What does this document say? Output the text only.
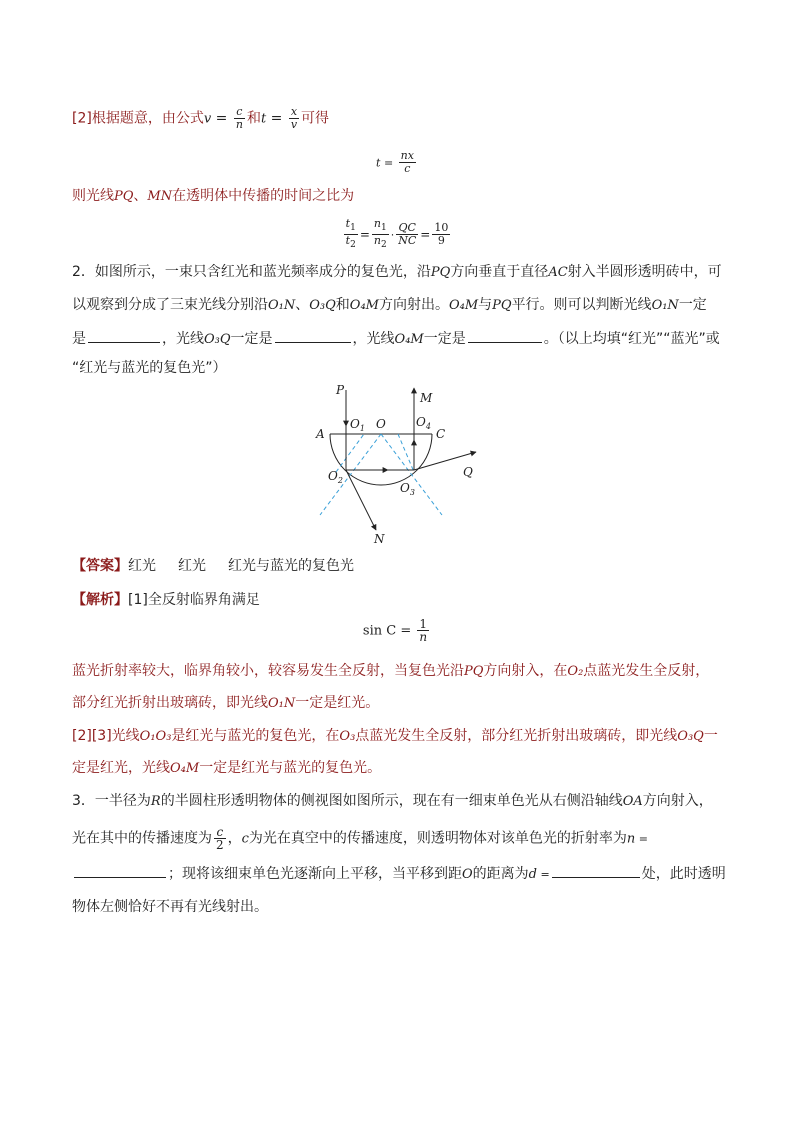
[2]根据题意，由公式$v = \frac{c}{n}$ 和$t = \frac{x}{v}$ 可得
$t = \frac{nx}{c}$
则光线PQ、MN在透明体中传播的时间之比为
$\frac{t_1}{t_2} = \frac{n_1}{n_2} \cdot \frac{QC}{NC} = \frac{10}{9}$
2．如图所示，一束只含红光和蓝光频率成分的复色光，沿PQ方向垂直于直径AC射入半圆形透明砖中，可
以观察到分成了三束光线分别沿O₁N、O₃Q和O₄M方向射出。O₄M与PQ平行。则可以判断光线O₁N一定
是	，光线O₃Q一定是	，光线O₄M一定是	。（以上均填“红光”“蓝光”或
“红光与蓝光的复色光”）
P
M
$O_1$ O	$O_4$
A	C
$O_2$
$O_3$
Q
N
【答案】红光 红光 红光与蓝光的复色光
【解析】[1]全反射临界角满足
$\sin C = \frac{1}{n}$
蓝光折射率较大，临界角较小，较容易发生全反射，当复色光沿PQ方向射入，在O₂点蓝光发生全反射，
部分红光折射出玻璃砖，即光线O₁N一定是红光。
[2][3]光线O₁O₃是红光与蓝光的复色光，在O₃点蓝光发生全反射，部分红光折射出玻璃砖，即光线O₃Q一
定是红光，光线O₄M一定是红光与蓝光的复色光。
3．一半径为R的半圆柱形透明物体的侧视图如图所示，现在有一细束单色光从右侧沿轴线OA方向射入，
光在其中的传播速度为 $\frac{c}{2}$ ，c为光在真空中的传播速度，则透明物体对该单色光的折射率为n =
；现将该细束单色光逐渐向上平移，当平移到距O的距离为d =	处，此时透明
物体左侧恰好不再有光线射出。
